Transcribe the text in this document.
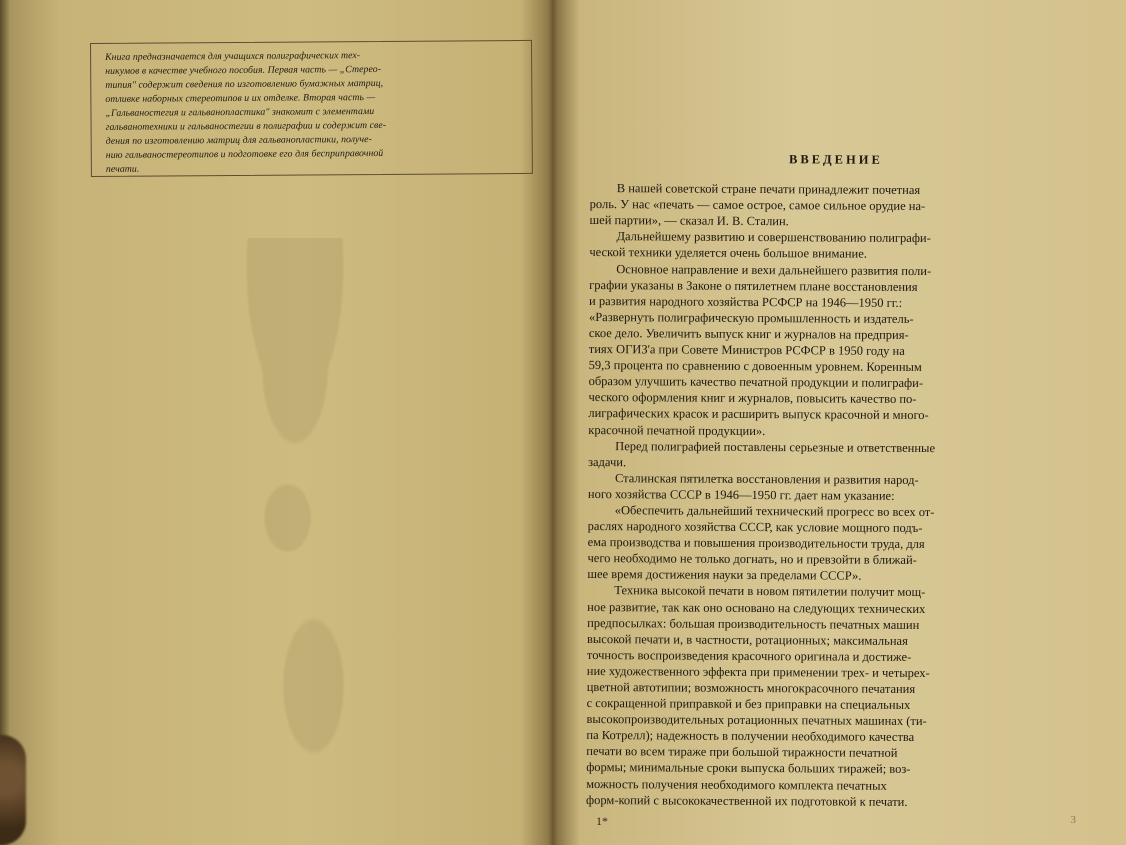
Книга предназначается для учащихся полиграфических тех-
никумов в качестве учебного пособия. Первая часть — „Стерео-
типия" содержит сведения по изготовлению бумажных матриц,
отливке наборных стереотипов и их отделке. Вторая часть —
„Гальваностегия и гальванопластика" знакомит с элементами
гальванотехники и гальваностегии в полиграфии и содержит све-
дения по изготовлению матриц для гальванопластики, получе-
нию гальваностереотипов и подготовке его для бесприправочной
печати.
ВВЕДЕНИЕ
В нашей советской стране печати принадлежит почетная
роль. У нас «печать — самое острое, самое сильное орудие на-
шей партии», — сказал И. В. Сталин.
Дальнейшему развитию и совершенствованию полиграфи-
ческой техники уделяется очень большое внимание.
Основное направление и вехи дальнейшего развития поли-
графии указаны в Законе о пятилетнем плане восстановления
и развития народного хозяйства РСФСР на 1946—1950 гг.:
«Развернуть полиграфическую промышленность и издатель-
ское дело. Увеличить выпуск книг и журналов на предприя-
тиях ОГИЗ'а при Совете Министров РСФСР в 1950 году на
59,3 процента по сравнению с довоенным уровнем. Коренным
образом улучшить качество печатной продукции и полиграфи-
ческого оформления книг и журналов, повысить качество по-
лиграфических красок и расширить выпуск красочной и много-
красочной печатной продукции».
Перед полиграфией поставлены серьезные и ответственные
задачи.
Сталинская пятилетка восстановления и развития народ-
ного хозяйства СССР в 1946—1950 гг. дает нам указание:
«Обеспечить дальнейший технический прогресс во всех от-
раслях народного хозяйства СССР, как условие мощного подъ-
ема производства и повышения производительности труда, для
чего необходимо не только догнать, но и превзойти в ближай-
шее время достижения науки за пределами СССР».
Техника высокой печати в новом пятилетии получит мощ-
ное развитие, так как оно основано на следующих технических
предпосылках: большая производительность печатных машин
высокой печати и, в частности, ротационных; максимальная
точность воспроизведения красочного оригинала и достиже-
ние художественного эффекта при применении трех- и четырех-
цветной автотипии; возможность многокрасочного печатания
с сокращенной приправкой и без приправки на специальных
высокопроизводительных ротационных печатных машинах (ти-
па Котрелл); надежность в получении необходимого качества
печати во всем тираже при большой тиражности печатной
формы; минимальные сроки выпуска больших тиражей; воз-
можность получения необходимого комплекта печатных
форм-копий с высококачественной их подготовкой к печати.
1*	3
